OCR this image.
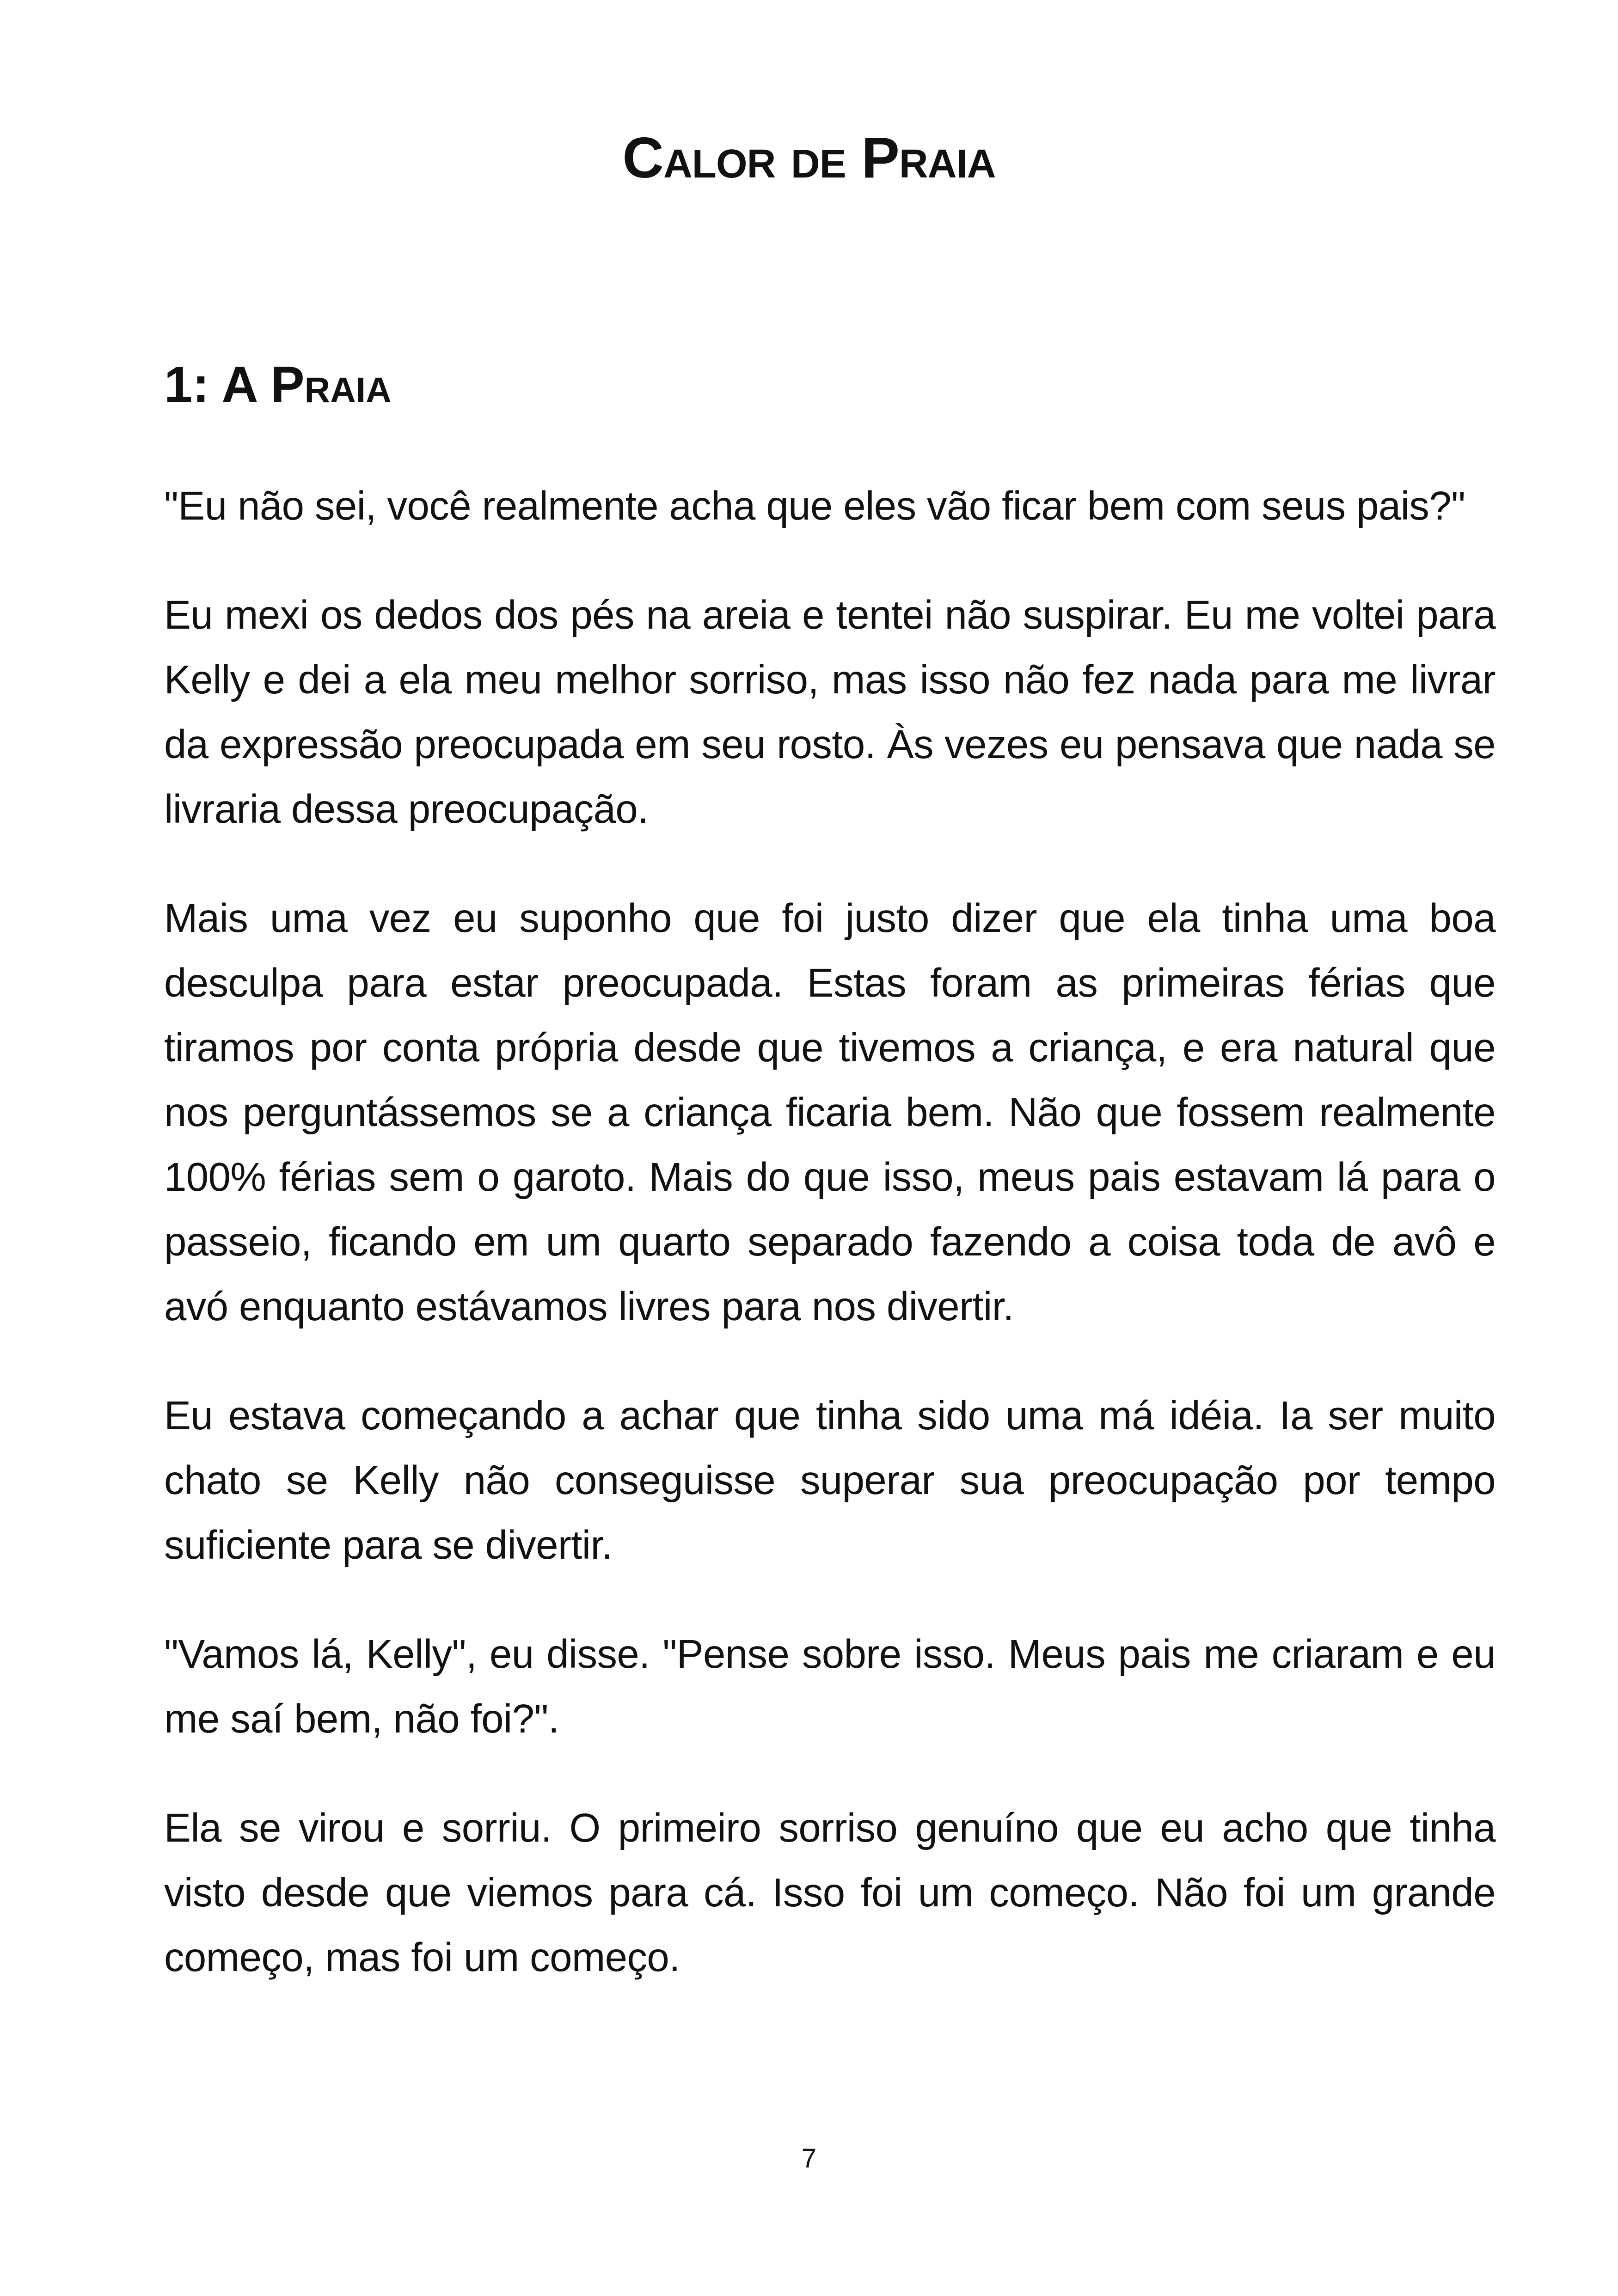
Calor de Praia
1: A Praia

"Eu não sei, você realmente acha que eles vão ficar bem com seus pais?"

Eu mexi os dedos dos pés na areia e tentei não suspirar. Eu me voltei para Kelly e dei a ela meu melhor sorriso, mas isso não fez nada para me livrar da expressão preocupada em seu rosto. Às vezes eu pensava que nada se livraria dessa preocupação.

Mais uma vez eu suponho que foi justo dizer que ela tinha uma boa desculpa para estar preocupada. Estas foram as primeiras férias que tiramos por conta própria desde que tivemos a criança, e era natural que nos perguntássemos se a criança ficaria bem. Não que fossem realmente 100% férias sem o garoto. Mais do que isso, meus pais estavam lá para o passeio, ficando em um quarto separado fazendo a coisa toda de avô e avó enquanto estávamos livres para nos divertir.

Eu estava começando a achar que tinha sido uma má idéia. Ia ser muito chato se Kelly não conseguisse superar sua preocupação por tempo suficiente para se divertir.

"Vamos lá, Kelly", eu disse. "Pense sobre isso. Meus pais me criaram e eu me saí bem, não foi?".

Ela se virou e sorriu. O primeiro sorriso genuíno que eu acho que tinha visto desde que viemos para cá. Isso foi um começo. Não foi um grande começo, mas foi um começo.

7
